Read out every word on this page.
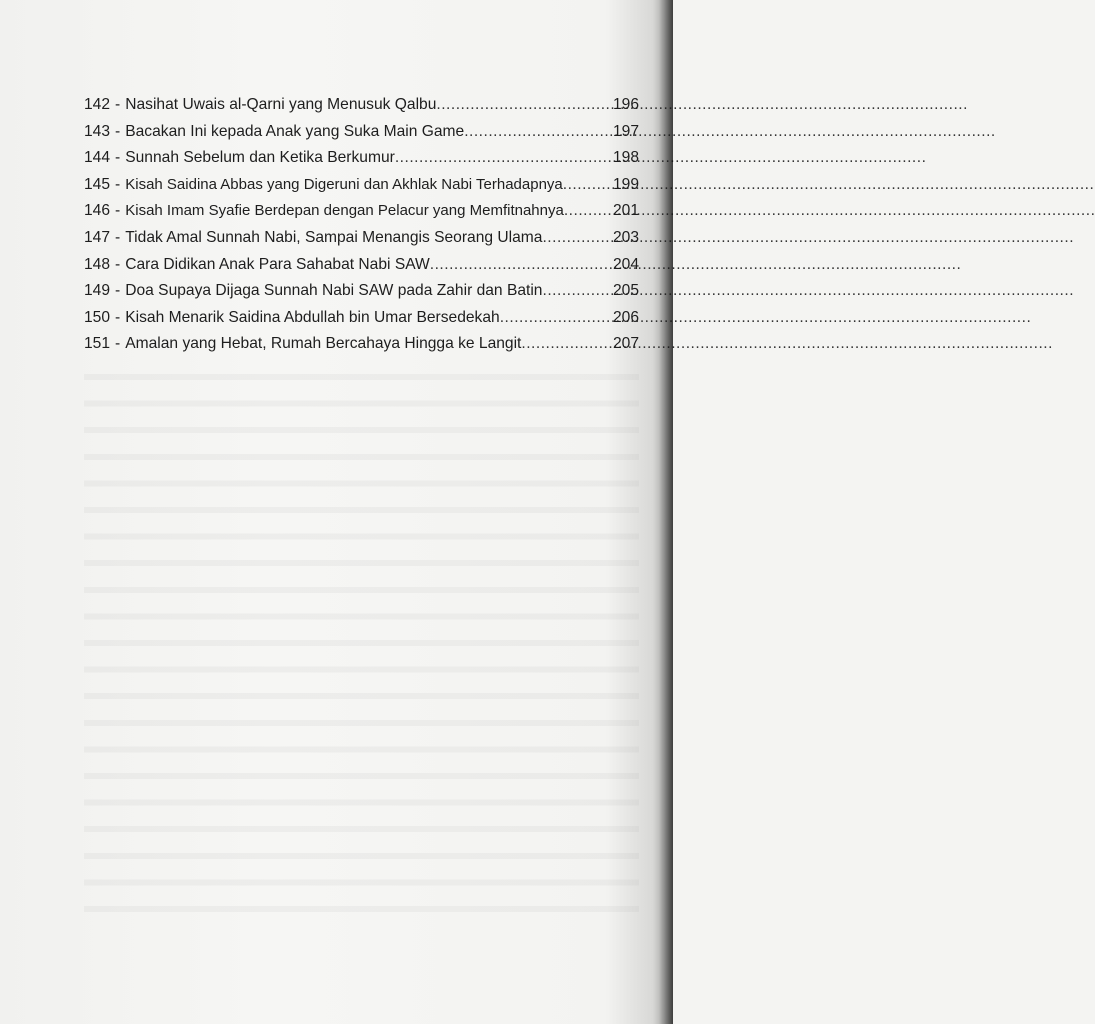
142 - Nasihat Uwais al-Qarni yang Menusuk Qalbu .....	196
143 - Bacakan Ini kepada Anak yang Suka Main Game .....	197
144 - Sunnah Sebelum dan Ketika Berkumur .....	198
145 - Kisah Saidina Abbas yang Digeruni dan Akhlak Nabi Terhadapnya .....	199
146 - Kisah Imam Syafie Berdepan dengan Pelacur yang Memfitnahnya .....	201
147 - Tidak Amal Sunnah Nabi, Sampai Menangis Seorang Ulama .....	203
148 - Cara Didikan Anak Para Sahabat Nabi SAW .....	204
149 - Doa Supaya Dijaga Sunnah Nabi SAW pada Zahir dan Batin .....	205
150 - Kisah Menarik Saidina Abdullah bin Umar Bersedekah .....	206
151 - Amalan yang Hebat, Rumah Bercahaya Hingga ke Langit .....	207
